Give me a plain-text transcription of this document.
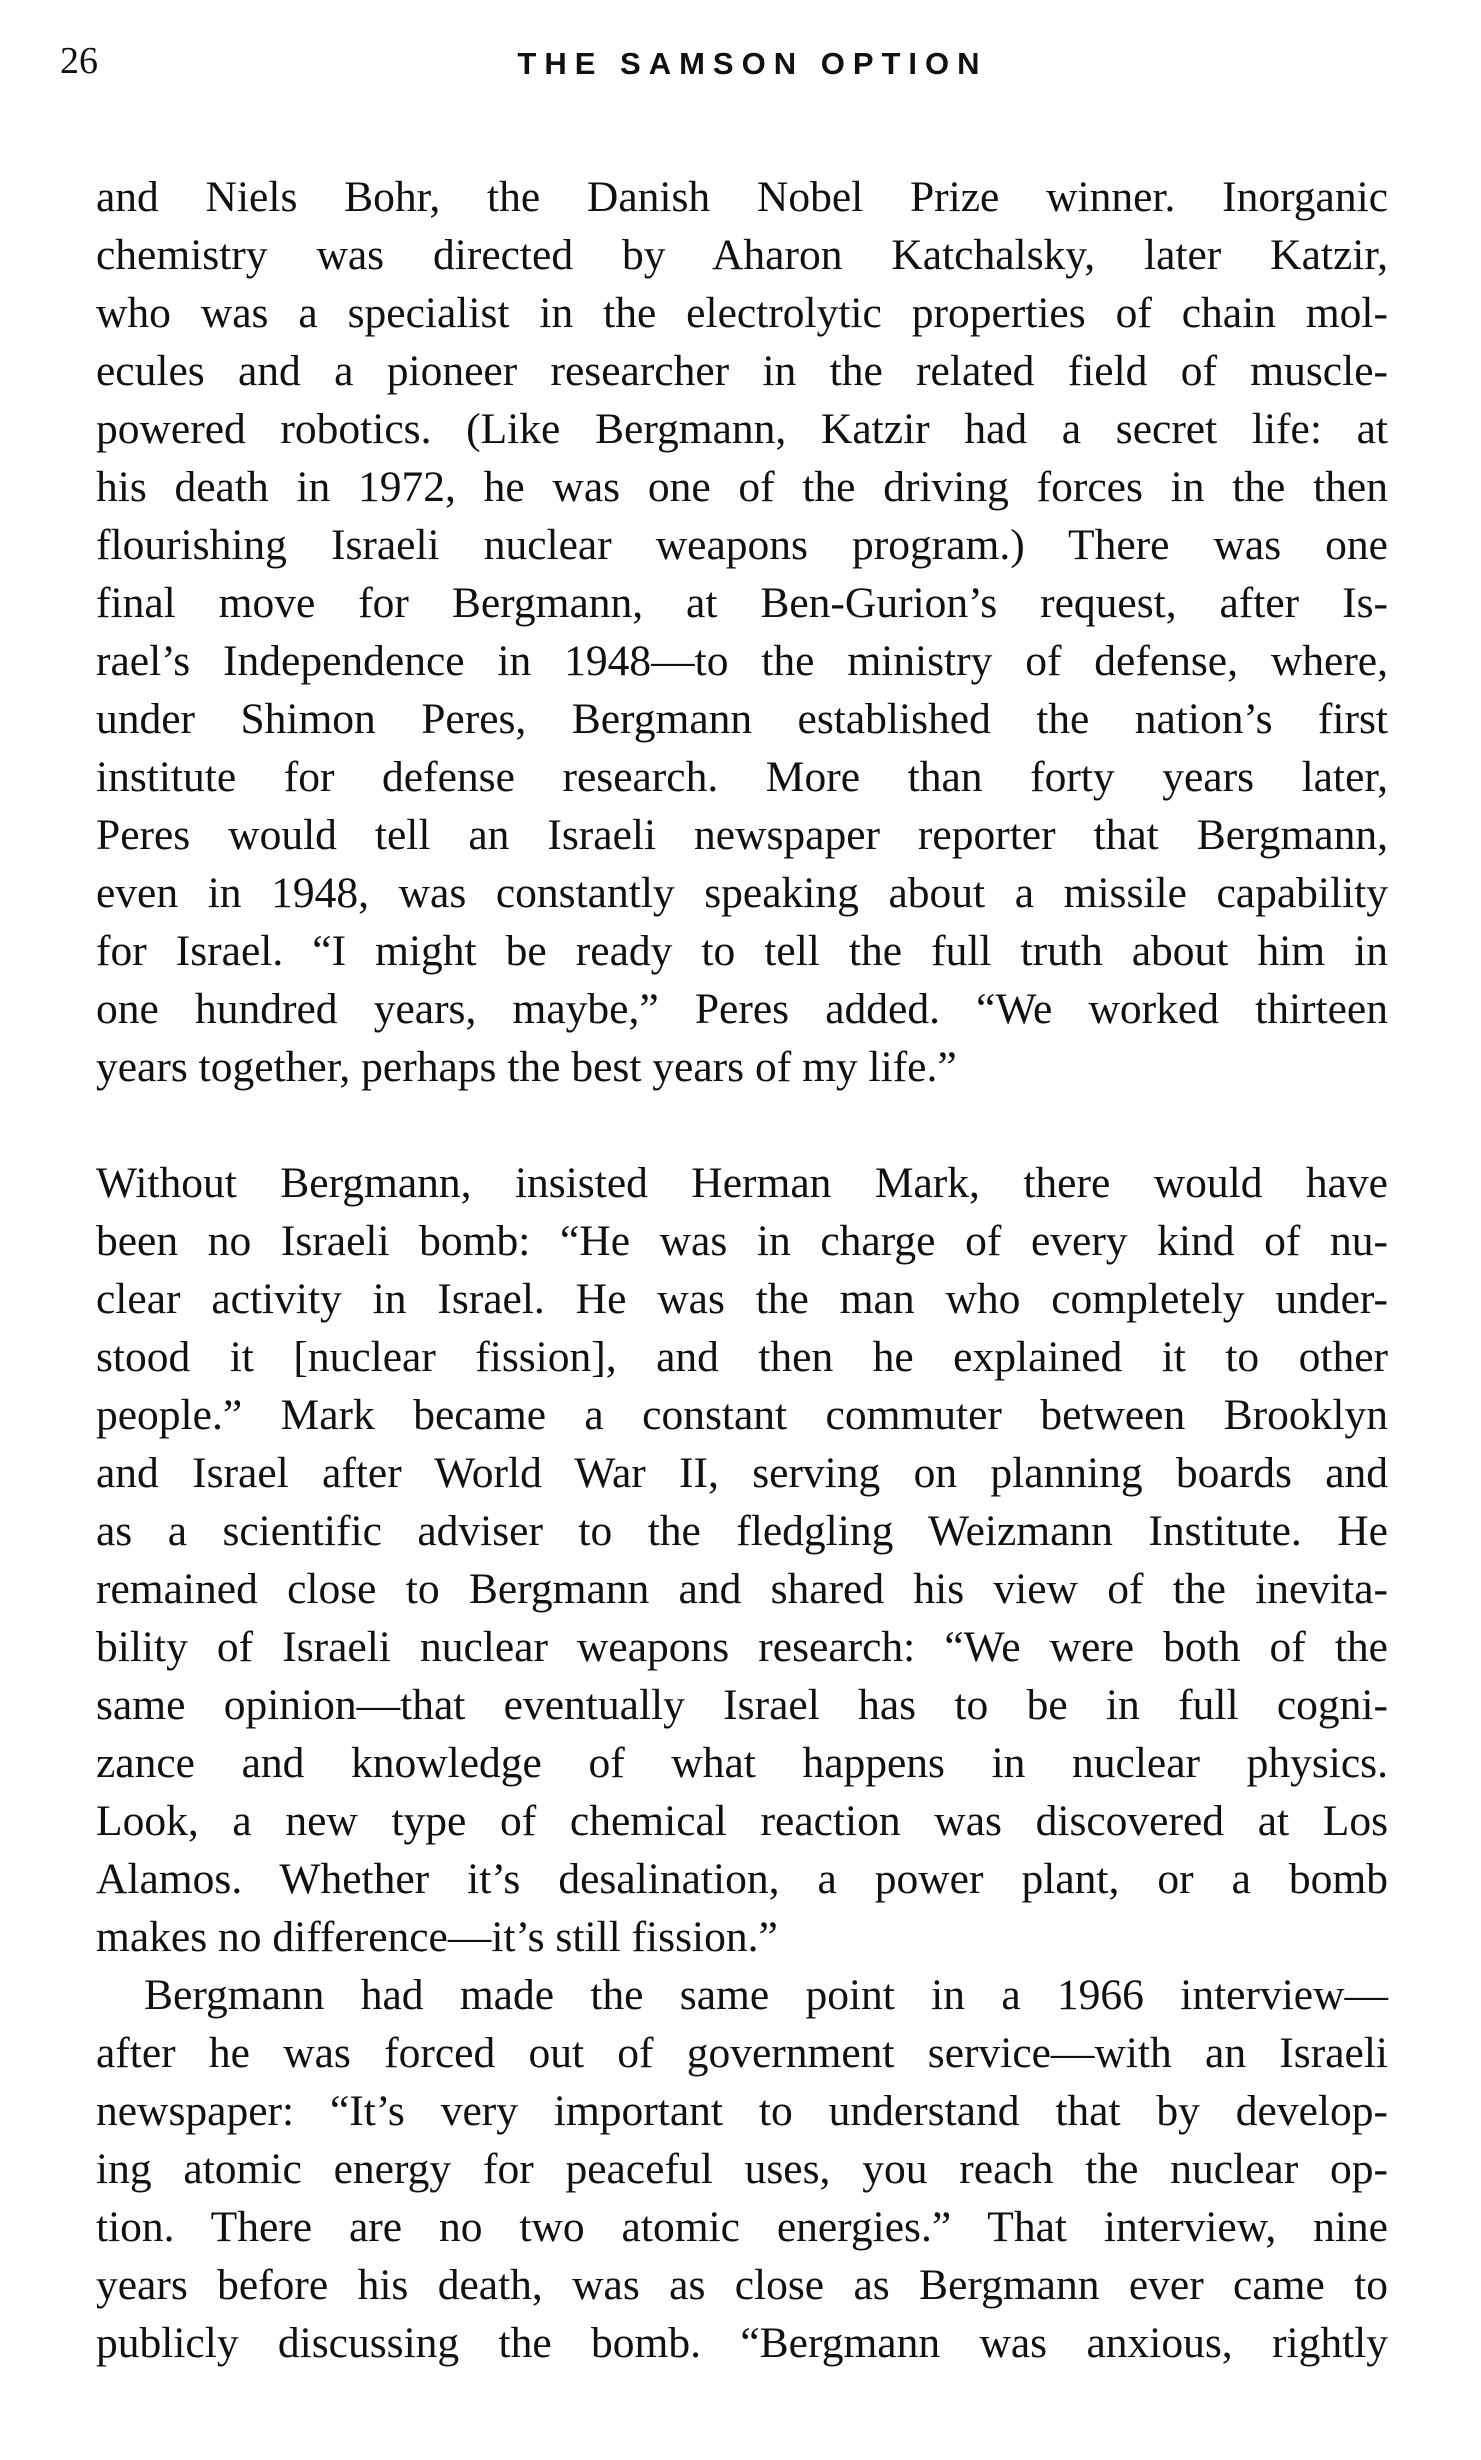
26	THE SAMSON OPTION
and Niels Bohr, the Danish Nobel Prize winner. Inorganic
chemistry was directed by Aharon Katchalsky, later Katzir,
who was a specialist in the electrolytic properties of chain mol-
ecules and a pioneer researcher in the related field of muscle-
powered robotics. (Like Bergmann, Katzir had a secret life: at
his death in 1972, he was one of the driving forces in the then
flourishing Israeli nuclear weapons program.) There was one
final move for Bergmann, at Ben-Gurion’s request, after Is-
rael’s Independence in 1948—to the ministry of defense, where,
under Shimon Peres, Bergmann established the nation’s first
institute for defense research. More than forty years later,
Peres would tell an Israeli newspaper reporter that Bergmann,
even in 1948, was constantly speaking about a missile capability
for Israel. “I might be ready to tell the full truth about him in
one hundred years, maybe,” Peres added. “We worked thirteen
years together, perhaps the best years of my life.”
Without Bergmann, insisted Herman Mark, there would have
been no Israeli bomb: “He was in charge of every kind of nu-
clear activity in Israel. He was the man who completely under-
stood it [nuclear fission], and then he explained it to other
people.” Mark became a constant commuter between Brooklyn
and Israel after World War II, serving on planning boards and
as a scientific adviser to the fledgling Weizmann Institute. He
remained close to Bergmann and shared his view of the inevita-
bility of Israeli nuclear weapons research: “We were both of the
same opinion—that eventually Israel has to be in full cogni-
zance and knowledge of what happens in nuclear physics.
Look, a new type of chemical reaction was discovered at Los
Alamos. Whether it’s desalination, a power plant, or a bomb
makes no difference—it’s still fission.”
Bergmann had made the same point in a 1966 interview—
after he was forced out of government service—with an Israeli
newspaper: “It’s very important to understand that by develop-
ing atomic energy for peaceful uses, you reach the nuclear op-
tion. There are no two atomic energies.” That interview, nine
years before his death, was as close as Bergmann ever came to
publicly discussing the bomb. “Bergmann was anxious, rightly
